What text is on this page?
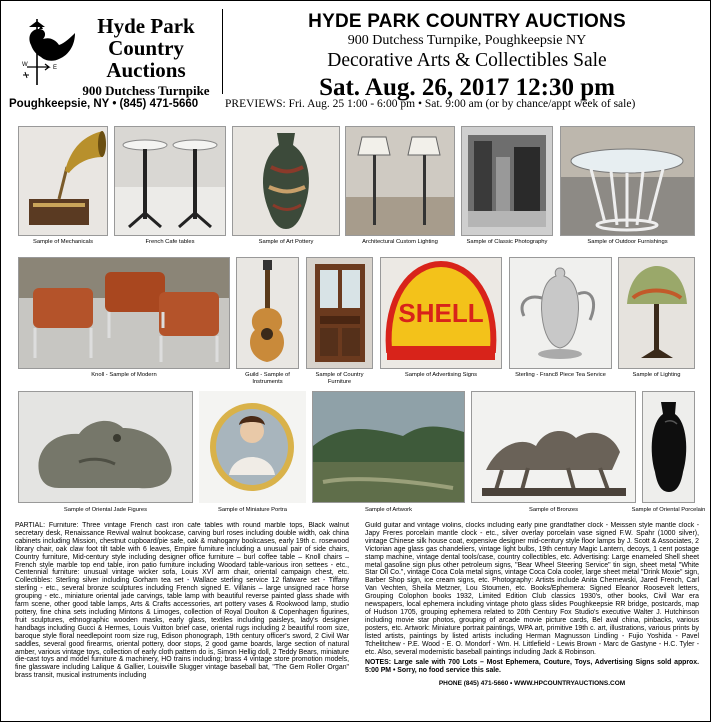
W	E
Hyde Park
Country
Auctions
900 Dutchess Turnpike
Poughkeepsie, NY • (845) 471-5660
HYDE PARK COUNTRY AUCTIONS
900 Dutchess Turnpike, Poughkeepsie NY
Decorative Arts & Collectibles Sale
Sat. Aug. 26, 2017 12:30 pm
PREVIEWS: Fri. Aug. 25 1:00 - 6:00 pm • Sat. 9:00 am (or by chance/appt week of sale)
Sample of Mechanicals	French Cafe tables	Sample of Art Pottery	Architectural Custom Lighting	Sample of Classic Photography	Sample of Outdoor Furnishings
Knoll - Sample of Modern	Guild - Sample of Instruments
Sample of Country Furniture
SHELL
Sample of Advertising Signs	Sterling - Franc8 Piece Tea Service	Sample of Lighting
Sample of Oriental Jade Figures	Sample of Miniature Portra	Sample of Artwork	Sample of Bronzes	Sample of Oriental Porcelain

PARTIAL: Furniture: Three vintage French cast iron cafe tables with round marble tops, Black walnut secretary desk, Renaissance Revival walnut bookcase, carving burl roses including double width, oak china cabinets including Mission, chestnut cupboard/pie safe, oak & mahogany bookcases, early 19th c. rosewood library chair, oak claw foot tilt table with 6 leaves, Empire furniture including a unusual pair of side chairs, Country furniture, Mid-century style including designer office furniture – burl coffee table – Knoll chairs – French style marble top end table, iron patio furniture including Woodard table-various iron settees - etc., Centennial furniture: unusual vintage wicker sofa, Louis XVI arm chair, oriental campaign chest, etc. Collectibles: Sterling silver including Gorham tea set - Wallace sterling service 12 flatware set - Tiffany sterling - etc., several bronze sculptures including French signed E. Villanis – large unsigned race horse grouping - etc., miniature oriental jade carvings, table lamp with beautiful reverse painted glass shade with farm scene, other good table lamps, Arts & Crafts accessories, art pottery vases & Rookwood lamp, studio pottery, fine china sets including Mintons & Limoges, collection of Royal Doulton & Copenhagen figurines, fruit sculptures, ethnographic wooden masks, early glass, textiles including paisleys, lady's designer handbags including Gucci & Hermes, Louis Vuitton brief case, oriental rugs including 2 beautiful room size, baroque style floral needlepoint room size rug, Edison phonograph, 19th century officer's sword, 2 Civil War saddles, several good firearms, oriental pottery, door stops, 2 good game boards, large section of natural amber, various vintage toys, collection of early cloth pattern do is, Simon Hellig doll, 2 Teddy Bears, miniature die-cast toys and model furniture & machinery, HO trains including; brass 4 vintage store promotion models, fine glassware including Lalique & Gallier, Louisville Slugger vintage baseball bat, "The Gem Roller Organ" brass transit, musical instruments including

Guild guitar and vintage violins, clocks including early pine grandfather clock - Meissen style mantle clock - Japy Freres porcelain mantle clock - etc., silver overlay porcelain vase signed F.W. Spahr (1000 silver), vintage Chinese silk house coat, expensive designer mid-century style floor lamps by J. Scott & Associates, 2 Victorian age glass gas chandeliers, vintage light bulbs, 19th century Magic Lantern, decoys, 1 cent postage stamp machine, vintage dental tools/case, country collectibles, etc. Advertising: Large enameled Shell sheet metal gasoline sign plus other petroleum signs, "Bear Wheel Steering Service" tin sign, sheet metal "White Star Oil Co.", vintage Coca Cola metal signs, vintage Coca Cola cooler, large sheet metal "Drink Moxie" sign, Barber Shop sign, ice cream signs, etc. Photography: Artists include Anita Chernewski, Jared French, Carl Van Vechten, Sheila Metzner, Lou Stoumen, etc. Books/Ephemera: Signed Eleanor Roosevelt letters, Grouping Colophon books 1932, Limited Edition Club classics 1930's, other books, Civil War era newspapers, local ephemera including vintage photo glass slides Poughkeepsie RR bridge, postcards, map of Hudson 1705, grouping ephemera related to 20th Century Fox Studio's executive Walter J. Hutchinson including movie star photos, grouping of arcade movie picture cards, Bel aval china, pinbacks, various posters, etc. Artwork: Miniature portrait paintings, WPA art, primitive 19th c. art, illustrations, various prints by listed artists, paintings by listed artists including Herman Magnusson Lindling - Fujio Yoshida - Pavel Tchelitchew - P.E. Wood - E. O. Mondorf - Wm. H. Littlefield - Lewis Brown - Marc de Gastyne - H.C. Tyler - etc. Also, several modernistic baseball paintings including Jack & Robinson.

NOTES: Large sale with 700 Lots – Most Ephemera, Couture, Toys, Advertising Signs sold approx. 5:00 PM • Sorry, no food service this sale.

PHONE (845) 471-5660 • WWW.HPCOUNTRYAUCTIONS.COM
